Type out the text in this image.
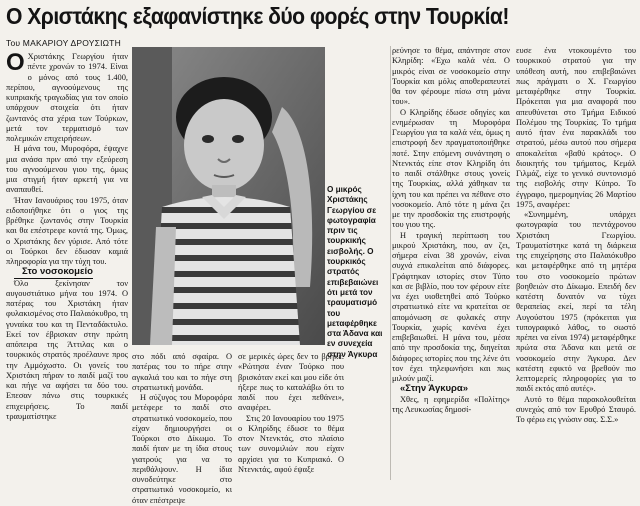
Ο Χριστάκης εξαφανίστηκε δύο φορές στην Τουρκία!
Του ΜΑΚΑΡΙΟΥ ΔΡΟΥΣΙΩΤΗ
Ο Χριστάκης Γεωργίου ήταν πέντε χρονών το 1974. Είναι ο μόνος από τους 1.400, περίπου, αγνοούμενους της κυπριακής τραγωδίας για τον οποίο υπάρχουν στοιχεία ότι ήταν ζωντανός στα χέρια των Τούρκων, μετά τον τερματισμό των πολεμικών επιχειρήσεων.

Η μάνα του, Μυροφόρα, έψαχνε μια ανάσα πριν από την εξεύρεση του αγνοούμενου γιου της, όμως μια στιγμή ήταν αρκετή για να αναπαυθεί.

Ήταν Ιανουάριος του 1975, όταν ειδοποιήθηκε ότι ο γιος της βρέθηκε ζωντανός στην Τουρκία και θα επέστρεφε κοντά της. Όμως, ο Χριστάκης δεν γύρισε. Από τότε οι Τούρκοι δεν έδωσαν καμιά πληροφορία για την τύχη του.

Στο νοσοκομείο

Όλο ξεκίνησαν τον αυγουστιάτικο μήνα του 1974. Ο πατέρας του Χριστάκη ήταν φυλακισμένος στο Παλαιόκυθρο, τη γυναίκα του και τη Πενταδάκτυλο. Εκεί τον έβρισκαν στην πρώτη απόπειρα της Άττιλας και ο τουρκικός στρατός προέλαυνε προς την Αμμόχωστο. Οι γονείς του Χριστάκη πήραν το παιδί μαζί του και πήγε να αφήσει τα δύο του. Επεσαν πάνω στις τουρκικές επιχειρήσεις. Το παιδί τραυματίστηκε

Ο μικρός Χριστάκης Γεωργίου σε φωτογραφία πριν τις τουρκικής εισβολής. Ο τουρκικός στρατός επιβεβαιώνει ότι μετά τον τραυματισμό του μεταφέρθηκε στα Άδανα και εν συνεχεία στην Άγκυρα

στο πόδι από σφαίρα. Ο πατέρας του το πήρε στην αγκαλιά του και το πήγε στη στρατιωτική μονάδα.

Η σύζυγος του Μυροφόρα μετέφερε το παιδί στο στρατιωτικό νοσοκομείο, που είχαν δημιουργήσει οι Τούρκοι στο Δίκωμο. Το παιδί ήταν με τη ίδια στους γιατρούς για να το περιθάλψουν. Η ίδια συνοδεύτηκε στο στρατιωτικό νοσοκομείο, κι όταν επέστρεψε

σε μερικές ώρες δεν το βρήκε. «Ρώτησα έναν Τούρκο που βρισκόταν εκεί και μου είδε ότι ήξερε πως το καταλάβω ότι το παιδί που έχει πεθάνει», αναφέρει.

Στις 20 Ιανουαρίου του 1975 ο Κληρίδης έδωσε το θέμα στον Ντενκτάς, στο πλαίσιο των συνομιλιών που είχαν αρχίσει για το Κυπριακό. Ο Ντενκτάς, αφού έψαξε

ρεύνησε το θέμα, απάντησε στον Κληρίδη: «Έχω καλά νέα. Ο μικρός είναι σε νοσοκομείο στην Τουρκία και μόλις αποθεραπευτεί θα τον φέρουμε πίσω στη μάνα του».

Ο Κληρίδης έδωσε οδηγίες και ενημέρωσαν τη Μυροφόρα Γεωργίου για τα καλά νέα, όμως η επιστροφή δεν πραγματοποιήθηκε ποτέ. Στην επόμενη συνάντηση ο Ντενκτάς είπε στον Κληρίδη ότι το παιδί στάλθηκε στους γονείς της Τουρκίας, αλλά χάθηκαν τα ίχνη του και πρέπει να πέθανε στο νοσοκομείο. Από τότε η μάνα ζει με την προσδοκία της επιστροφής του γιου της.

Η τραγική περίπτωση του μικρού Χριστάκη, που, αν ζει, σήμερα είναι 38 χρονών, είναι συχνά επικαλείται από διάφορες. Γράφτηκαν ιστορίες στον Τύπο και σε βιβλίο, που τον φέρουν είτε να έχει υιοθετηθεί από Τούρκο στρατιωτικό είτε να κρατείται σε απομόνωση σε φυλακές στην Τουρκία, χωρίς κανένα έχει επιβεβαιωθεί. Η μάνα του, μέσα από την προσδοκία της, διηγείται διάφορες ιστορίες που της λένε ότι τον έχει τηλεφωνήσει και πως μιλούν μαζί.

«Στην Άγκυρα»

Χθες, η εφημερίδα «Πολίτης» της Λευκωσίας δημοσί-

ευσε ένα ντοκουμέντο του τουρκικού στρατού για την υπόθεση αυτή, που επιβεβαιώνει πως πράγματι ο Χ. Γεωργίου μεταφέρθηκε στην Τουρκία. Πρόκειται για μια αναφορά που απευθύνεται στο Τμήμα Ειδικού Πολέμου της Τουρκίας. Το τμήμα αυτό ήταν ένα παρακλάδι του στρατού, μέσω αυτού που σήμερα αποκαλείται «βαθύ κράτος». Ο διοικητής του τμήματος, Κεμάλ Γιλμάζ, είχε το γενικό συντονισμό της εισβολής στην Κύπρο. Το έγγραφο, ημερομηνίας 26 Μαρτίου 1975, αναφέρει:

«Συνημμένη, υπάρχει φωτογραφία του πεντάχρονου Χριστάκη Γεωργίου. Τραυματίστηκε κατά τη διάρκεια της επιχείρησης στο Παλαιόκυθρο και μεταφέρθηκε από τη μητέρα του στο νοσοκομείο πρώτων βοηθειών στο Δίκωμο. Επειδή δεν κατέστη δυνατόν να τύχει θεραπείας εκεί, περί τα τέλη Αυγούστου 1975 (πρόκειται για τυπογραφικό λάθος, το σωστό πρέπει να είναι 1974) μεταφέρθηκε πρώτα στα Άδανα και μετά σε νοσοκομείο στην Άγκυρα. Δεν κατέστη εφικτό να βρεθούν πιο λεπτομερείς πληροφορίες για το παιδί εκτός από αυτές».

Αυτό το θέμα παρακολουθείται συνεχώς από τον Ερυθρό Σταυρό. Το φέρω εις γνώσιν σας. Σ.Σ.»
